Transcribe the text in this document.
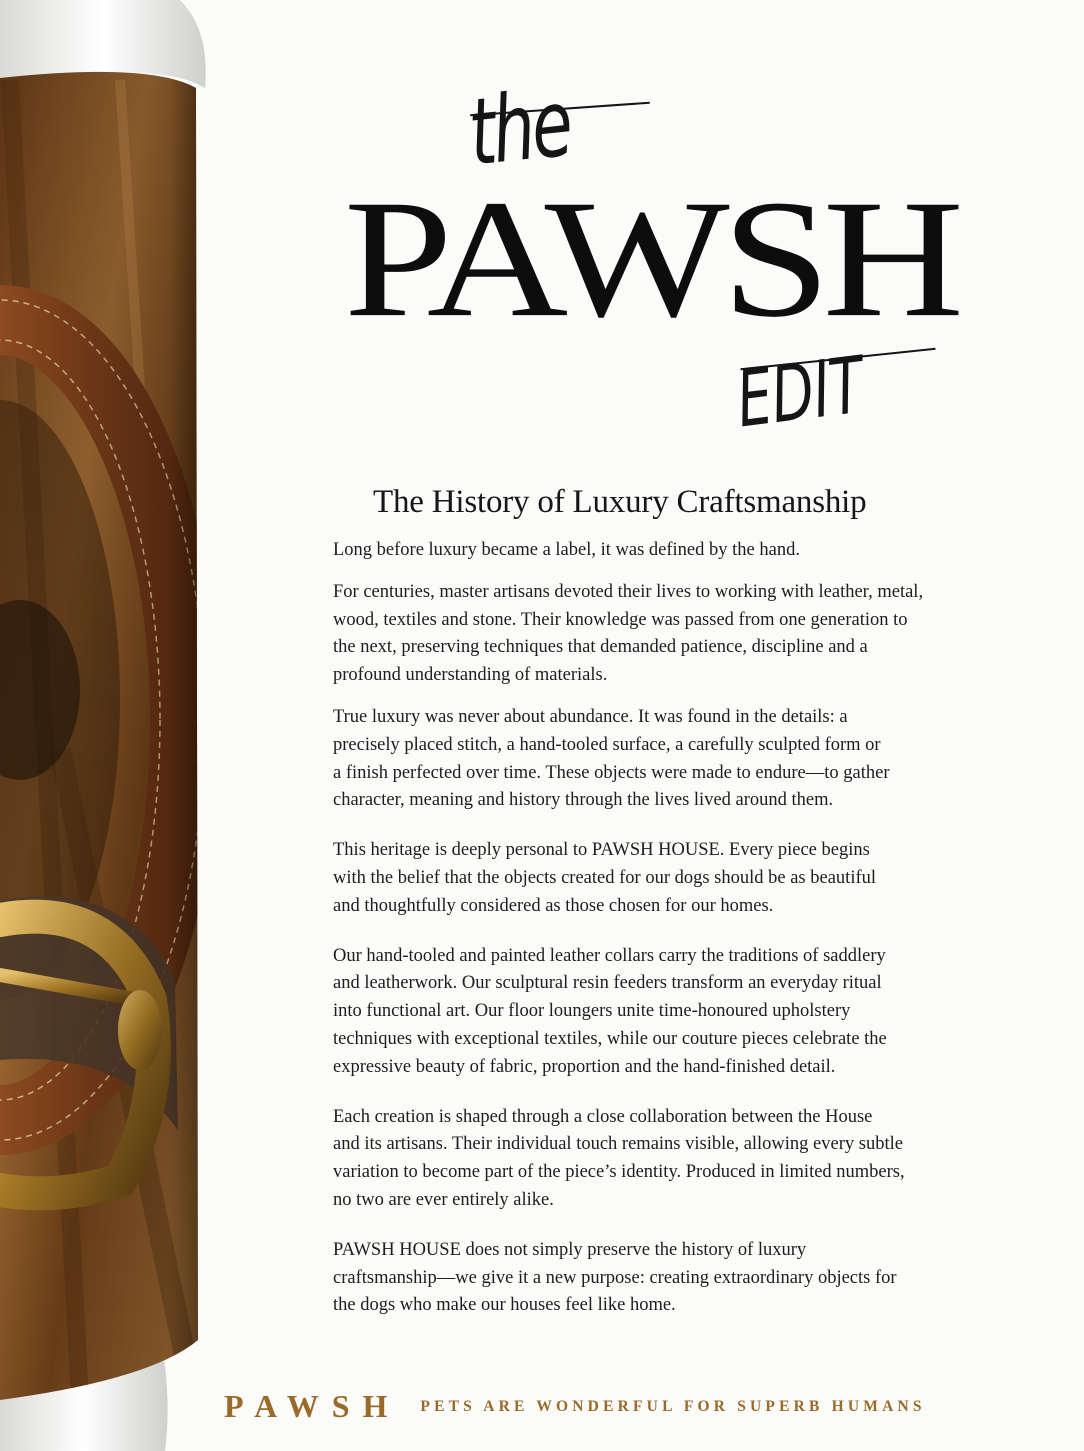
the
PAWSH
EDIT
The History of Luxury Craftsmanship

Long before luxury became a label, it was defined by the hand.

For centuries, master artisans devoted their lives to working with leather, metal,
wood, textiles and stone. Their knowledge was passed from one generation to
the next, preserving techniques that demanded patience, discipline and a
profound understanding of materials.

True luxury was never about abundance. It was found in the details: a
precisely placed stitch, a hand-tooled surface, a carefully sculpted form or
a finish perfected over time. These objects were made to endure—to gather
character, meaning and history through the lives lived around them.

This heritage is deeply personal to PAWSH HOUSE. Every piece begins
with the belief that the objects created for our dogs should be as beautiful
and thoughtfully considered as those chosen for our homes.

Our hand-tooled and painted leather collars carry the traditions of saddlery
and leatherwork. Our sculptural resin feeders transform an everyday ritual
into functional art. Our floor loungers unite time-honoured upholstery
techniques with exceptional textiles, while our couture pieces celebrate the
expressive beauty of fabric, proportion and the hand-finished detail.

Each creation is shaped through a close collaboration between the House
and its artisans. Their individual touch remains visible, allowing every subtle
variation to become part of the piece’s identity. Produced in limited numbers,
no two are ever entirely alike.

PAWSH HOUSE does not simply preserve the history of luxury
craftsmanship—we give it a new purpose: creating extraordinary objects for
the dogs who make our houses feel like home.

PAWSH PETS ARE WONDERFUL FOR SUPERB HUMANS
